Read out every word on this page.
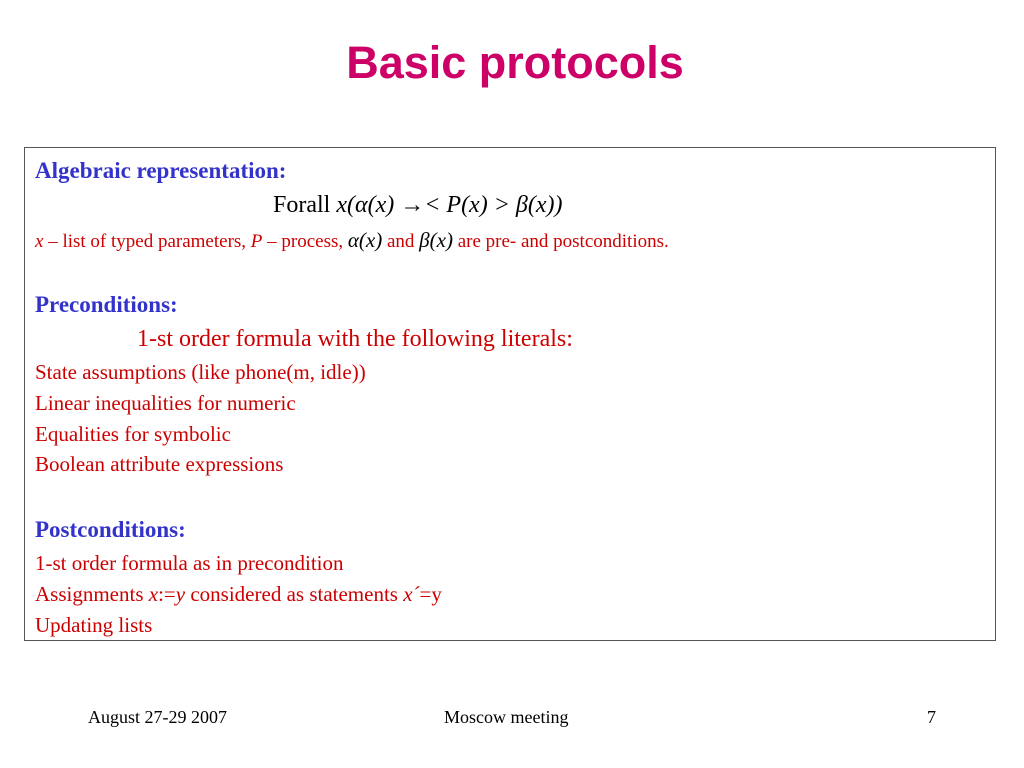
Basic protocols
Algebraic representation:
Forall x(α(x) →< P(x) > β(x))
x – list of typed parameters, P – process, α(x) and β(x) are pre- and postconditions.
Preconditions:
1-st order formula with the following literals:
State assumptions (like phone(m, idle))
Linear inequalities for numeric
Equalities for symbolic
Boolean attribute expressions
Postconditions:
1-st order formula as in precondition
Assignments x:=y considered as statements x´=y
Updating lists
August 27-29 2007	Moscow meeting	7
